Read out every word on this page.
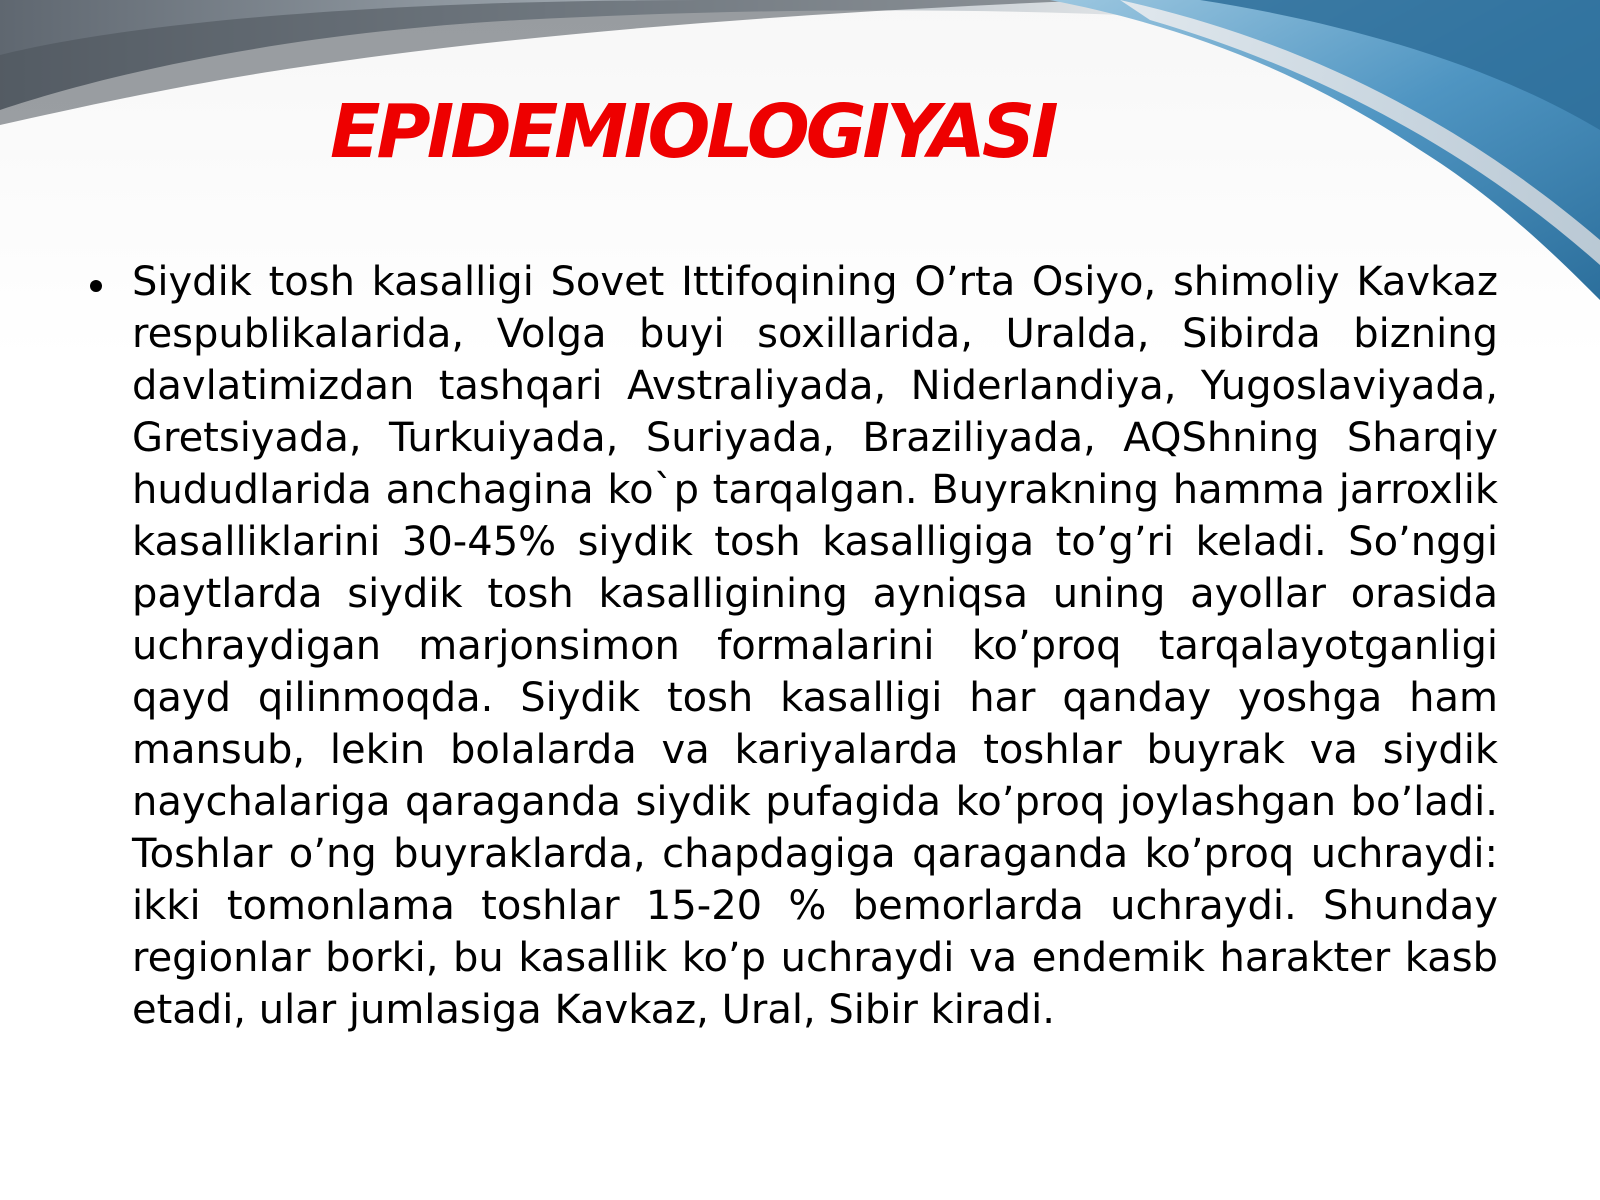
EPIDEMIOLOGIYASI
Siydik tosh kasalligi Sovet Ittifoqining O’rta Osiyo, shimoliy Kavkaz respublikalarida, Volga buyi soxillarida, Uralda, Sibirda bizning davlatimizdan tashqari Avstraliyada, Niderlandiya, Yugoslaviyada, Gretsiyada, Turkuiyada, Suriyada, Braziliyada, AQShning Sharqiy hududlarida anchagina ko`p tarqalgan. Buyrakning hamma jarroxlik kasalliklarini 30-45% siydik tosh kasalligiga to’g’ri keladi. So’nggi paytlarda siydik tosh kasalligining ayniqsa uning ayollar orasida uchraydigan marjonsimon formalarini ko’proq tarqalayotganligi qayd qilinmoqda. Siydik tosh kasalligi har qanday yoshga ham mansub, lekin bolalarda va kariyalarda toshlar buyrak va siydik naychalariga qaraganda siydik pufagida ko’proq joylashgan bo’ladi. Toshlar o’ng buyraklarda, chapdagiga qaraganda ko’proq uchraydi: ikki tomonlama toshlar 15-20 % bemorlarda uchraydi. Shunday regionlar borki, bu kasallik ko’p uchraydi va endemik harakter kasb etadi, ular jumlasiga Kavkaz, Ural, Sibir kiradi.
